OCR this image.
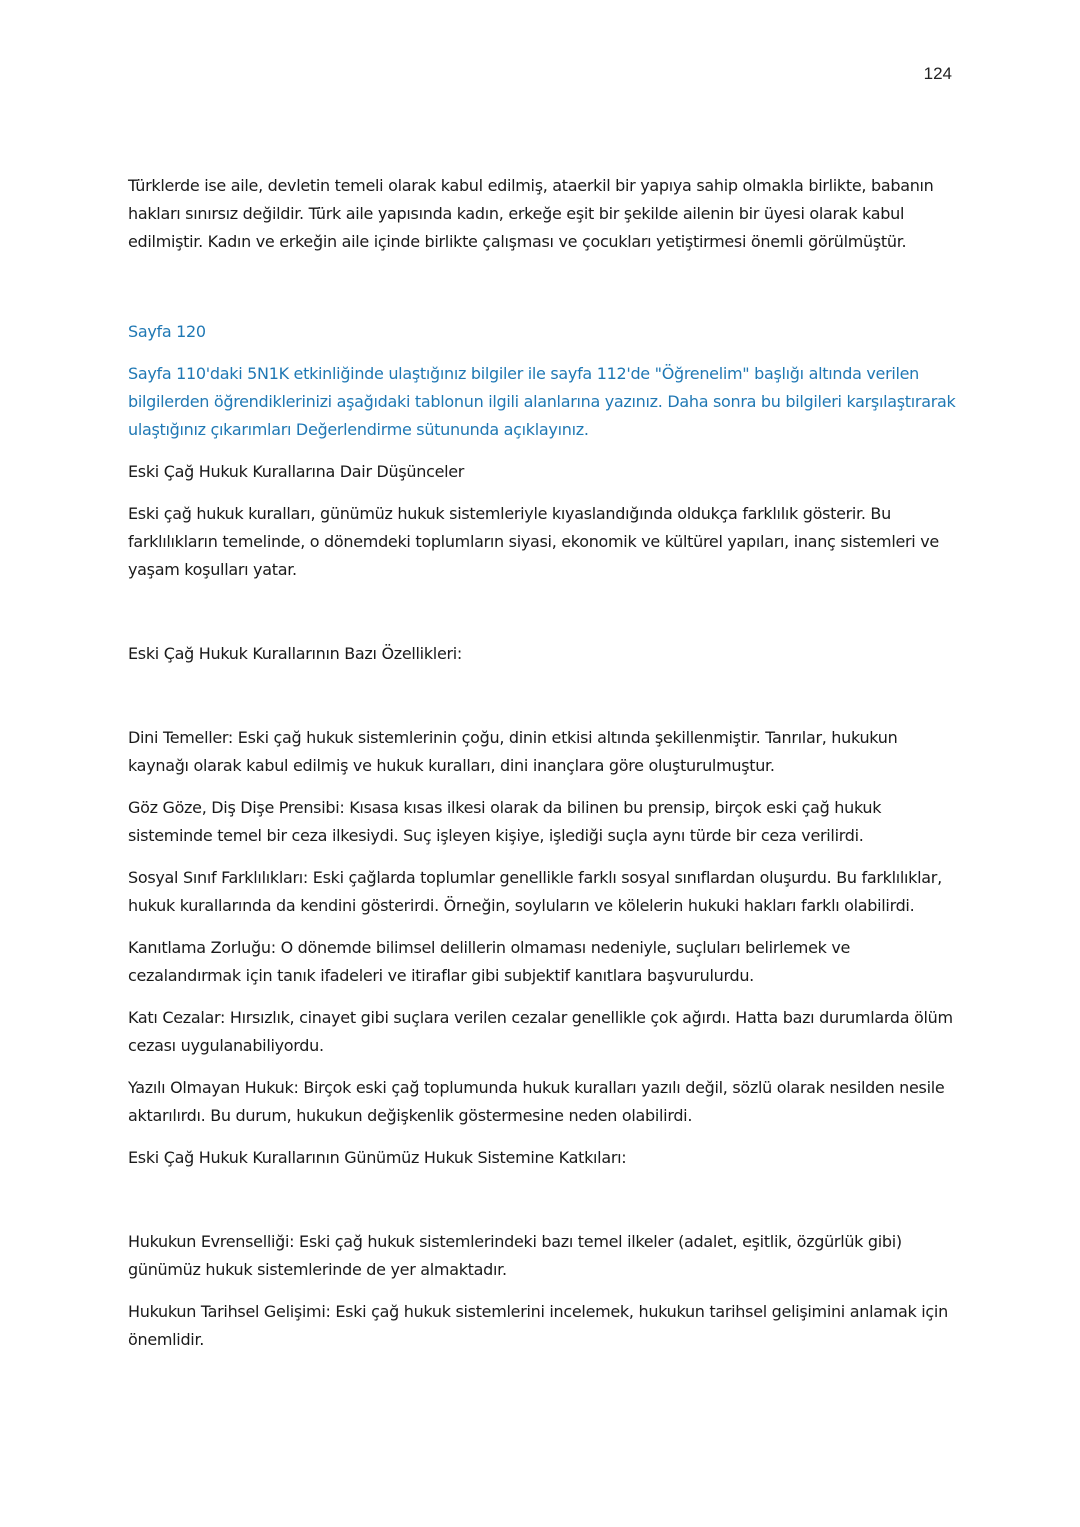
124

Türklerde ise aile, devletin temeli olarak kabul edilmiş, ataerkil bir yapıya sahip olmakla birlikte, babanın hakları sınırsız değildir. Türk aile yapısında kadın, erkeğe eşit bir şekilde ailenin bir üyesi olarak kabul edilmiştir. Kadın ve erkeğin aile içinde birlikte çalışması ve çocukları yetiştirmesi önemli görülmüştür.

Sayfa 120

Sayfa 110'daki 5N1K etkinliğinde ulaştığınız bilgiler ile sayfa 112'de "Öğrenelim" başlığı altında verilen bilgilerden öğrendiklerinizi aşağıdaki tablonun ilgili alanlarına yazınız. Daha sonra bu bilgileri karşılaştırarak ulaştığınız çıkarımları Değerlendirme sütununda açıklayınız.

Eski Çağ Hukuk Kurallarına Dair Düşünceler

Eski çağ hukuk kuralları, günümüz hukuk sistemleriyle kıyaslandığında oldukça farklılık gösterir. Bu farklılıkların temelinde, o dönemdeki toplumların siyasi, ekonomik ve kültürel yapıları, inanç sistemleri ve yaşam koşulları yatar.

Eski Çağ Hukuk Kurallarının Bazı Özellikleri:

Dini Temeller: Eski çağ hukuk sistemlerinin çoğu, dinin etkisi altında şekillenmiştir. Tanrılar, hukukun kaynağı olarak kabul edilmiş ve hukuk kuralları, dini inançlara göre oluşturulmuştur.

Göz Göze, Diş Dişe Prensibi: Kısasa kısas ilkesi olarak da bilinen bu prensip, birçok eski çağ hukuk sisteminde temel bir ceza ilkesiydi. Suç işleyen kişiye, işlediği suçla aynı türde bir ceza verilirdi.

Sosyal Sınıf Farklılıkları: Eski çağlarda toplumlar genellikle farklı sosyal sınıflardan oluşurdu. Bu farklılıklar, hukuk kurallarında da kendini gösterirdi. Örneğin, soyluların ve kölelerin hukuki hakları farklı olabilirdi.

Kanıtlama Zorluğu: O dönemde bilimsel delillerin olmaması nedeniyle, suçluları belirlemek ve cezalandırmak için tanık ifadeleri ve itiraflar gibi subjektif kanıtlara başvurulurdu.

Katı Cezalar: Hırsızlık, cinayet gibi suçlara verilen cezalar genellikle çok ağırdı. Hatta bazı durumlarda ölüm cezası uygulanabiliyordu.

Yazılı Olmayan Hukuk: Birçok eski çağ toplumunda hukuk kuralları yazılı değil, sözlü olarak nesilden nesile aktarılırdı. Bu durum, hukukun değişkenlik göstermesine neden olabilirdi.

Eski Çağ Hukuk Kurallarının Günümüz Hukuk Sistemine Katkıları:

Hukukun Evrenselliği: Eski çağ hukuk sistemlerindeki bazı temel ilkeler (adalet, eşitlik, özgürlük gibi) günümüz hukuk sistemlerinde de yer almaktadır.

Hukukun Tarihsel Gelişimi: Eski çağ hukuk sistemlerini incelemek, hukukun tarihsel gelişimini anlamak için önemlidir.
